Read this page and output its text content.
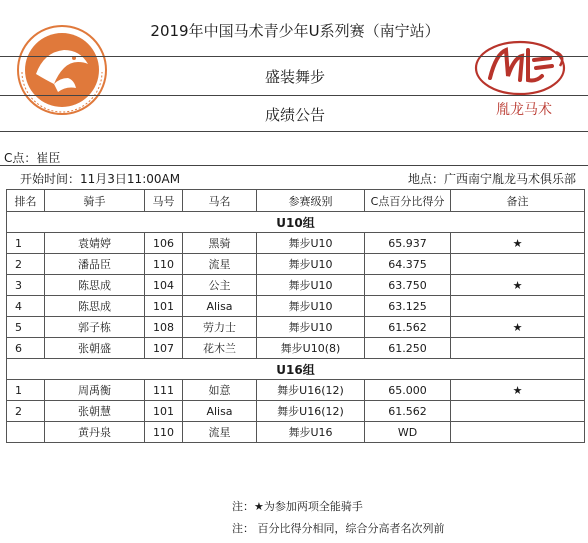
胤龙马术
2019年中国马术青少年U系列赛（南宁站）
盛装舞步
成绩公告
C点：崔臣
开始时间：11月3日11:00AM	地点：广西南宁胤龙马术俱乐部
排名	骑手	马号	马名	参赛级别	C点百分比得分	备注
U10组						
1	袁婧婷	106	黑骑	舞步U10	65.937	★
2	潘品臣	110	流星	舞步U10	64.375	
3	陈思成	104	公主	舞步U10	63.750	★
4	陈思成	101	Alisa	舞步U10	63.125	
5	郭子栋	108	劳力士	舞步U10	61.562	★
6	张朝盛	107	花木兰	舞步U10(8)	61.250	
U16组						
1	周禹衡	111	如意	舞步U16(12)	65.000	★
2	张朝慧	101	Alisa	舞步U16(12)	61.562	
	黄丹泉	110	流星	舞步U16	WD	
注：★为参加两项全能骑手
注： 百分比得分相同，综合分高者名次列前
